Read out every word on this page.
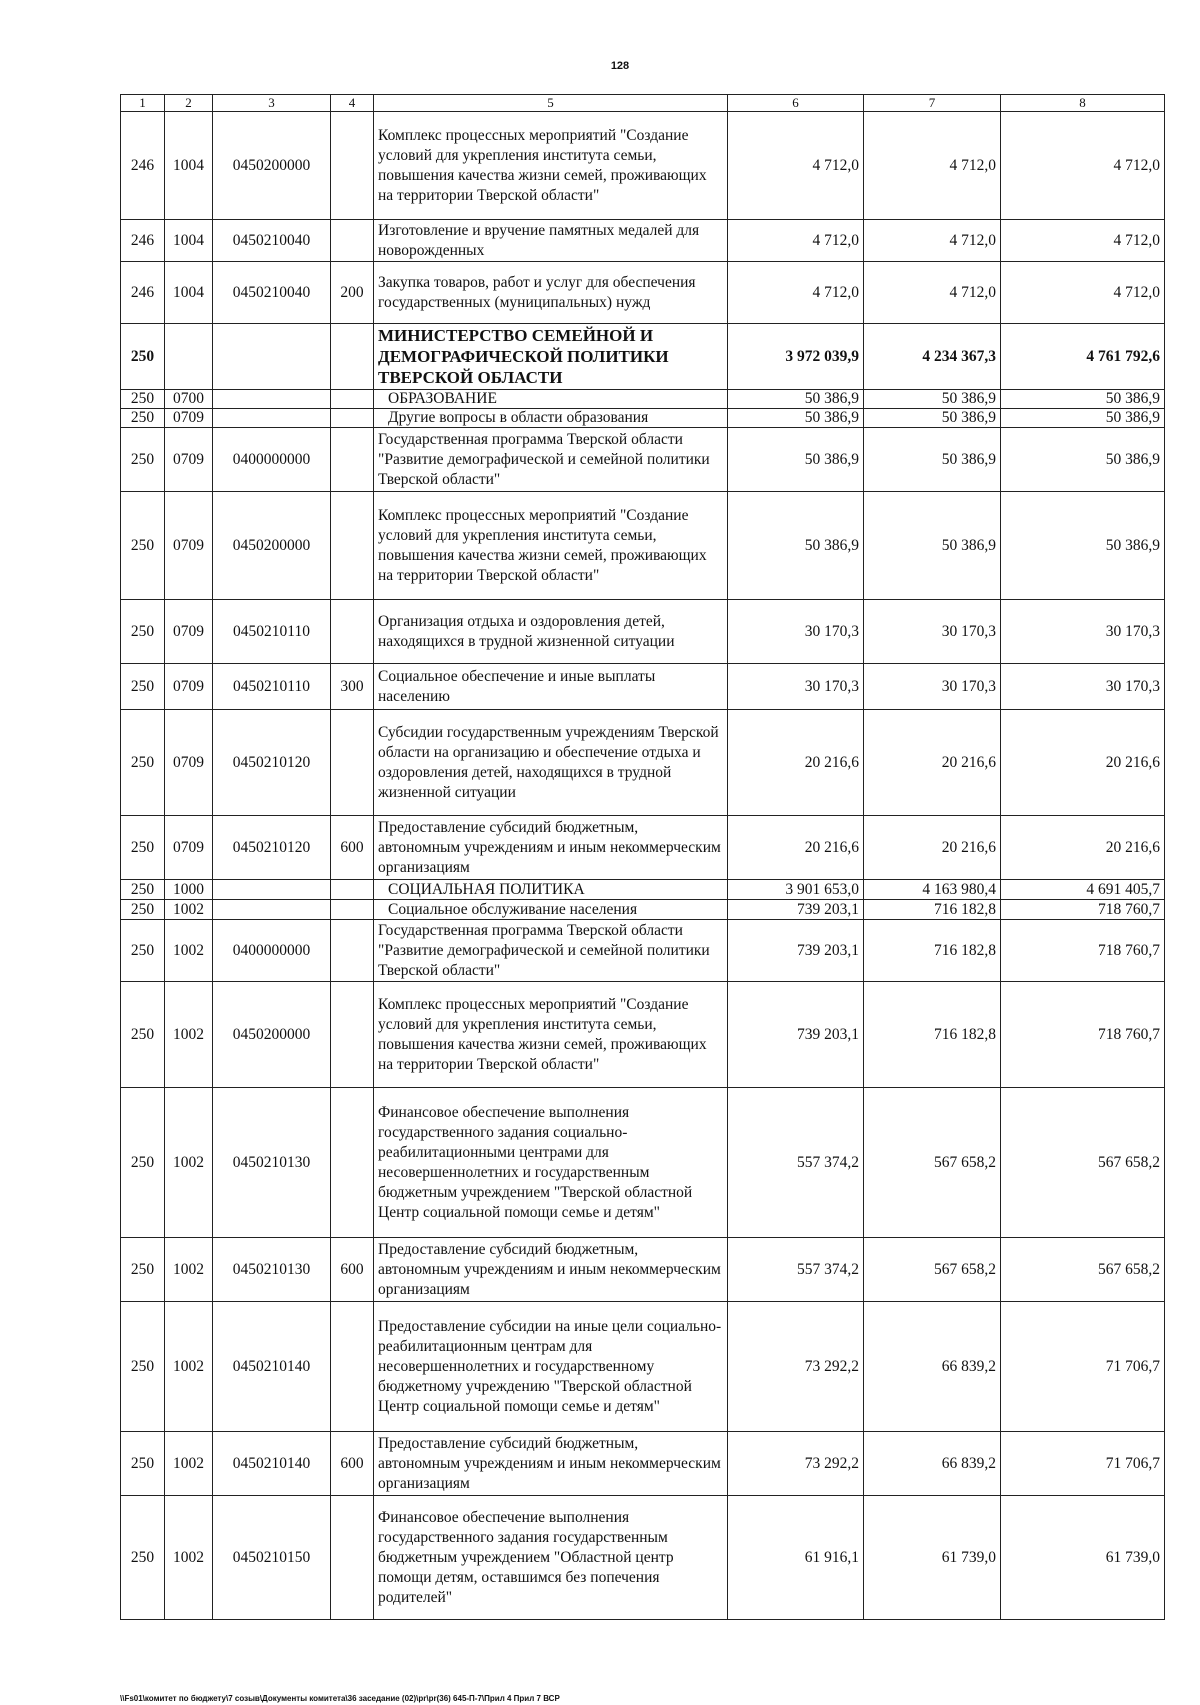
128
1	2	3	4	5	6	7	8
246	1004	0450200000		Комплекс процессных мероприятий "Создание условий для укрепления института семьи, повышения качества жизни семей, проживающих на территории Тверской области"	4 712,0	4 712,0	4 712,0
246	1004	0450210040		Изготовление и вручение памятных медалей для новорожденных	4 712,0	4 712,0	4 712,0
246	1004	0450210040	200	Закупка товаров, работ и услуг для обеспечения государственных (муниципальных) нужд	4 712,0	4 712,0	4 712,0
250				МИНИСТЕРСТВО СЕМЕЙНОЙ И ДЕМОГРАФИЧЕСКОЙ ПОЛИТИКИ ТВЕРСКОЙ ОБЛАСТИ	3 972 039,9	4 234 367,3	4 761 792,6
250	0700			ОБРАЗОВАНИЕ	50 386,9	50 386,9	50 386,9
250	0709			Другие вопросы в области образования	50 386,9	50 386,9	50 386,9
250	0709	0400000000		Государственная программа Тверской области "Развитие демографической и семейной политики Тверской области"	50 386,9	50 386,9	50 386,9
250	0709	0450200000		Комплекс процессных мероприятий "Создание условий для укрепления института семьи, повышения качества жизни семей, проживающих на территории Тверской области"	50 386,9	50 386,9	50 386,9
250	0709	0450210110		Организация отдыха и оздоровления детей, находящихся в трудной жизненной ситуации	30 170,3	30 170,3	30 170,3
250	0709	0450210110	300	Социальное обеспечение и иные выплаты населению	30 170,3	30 170,3	30 170,3
250	0709	0450210120		Субсидии государственным учреждениям Тверской области на организацию и обеспечение отдыха и оздоровления детей, находящихся в трудной жизненной ситуации	20 216,6	20 216,6	20 216,6
250	0709	0450210120	600	Предоставление субсидий бюджетным, автономным учреждениям и иным некоммерческим организациям	20 216,6	20 216,6	20 216,6
250	1000			СОЦИАЛЬНАЯ ПОЛИТИКА	3 901 653,0	4 163 980,4	4 691 405,7
250	1002			Социальное обслуживание населения	739 203,1	716 182,8	718 760,7
250	1002	0400000000		Государственная программа Тверской области "Развитие демографической и семейной политики Тверской области"	739 203,1	716 182,8	718 760,7
250	1002	0450200000		Комплекс процессных мероприятий "Создание условий для укрепления института семьи, повышения качества жизни семей, проживающих на территории Тверской области"	739 203,1	716 182,8	718 760,7
250	1002	0450210130		Финансовое обеспечение выполнения государственного задания социально-реабилитационными центрами для несовершеннолетних и государственным бюджетным учреждением "Тверской областной Центр социальной помощи семье и детям"	557 374,2	567 658,2	567 658,2
250	1002	0450210130	600	Предоставление субсидий бюджетным, автономным учреждениям и иным некоммерческим организациям	557 374,2	567 658,2	567 658,2
250	1002	0450210140		Предоставление субсидии на иные цели социально-реабилитационным центрам для несовершеннолетних и государственному бюджетному учреждению "Тверской областной Центр социальной помощи семье и детям"	73 292,2	66 839,2	71 706,7
250	1002	0450210140	600	Предоставление субсидий бюджетным, автономным учреждениям и иным некоммерческим организациям	73 292,2	66 839,2	71 706,7
250	1002	0450210150		Финансовое обеспечение выполнения государственного задания государственным бюджетным учреждением "Областной центр помощи детям, оставшимся без попечения родителей"	61 916,1	61 739,0	61 739,0
\\Fs01\комитет по бюджету\7 созыв\Документы комитета\36 заседание (02)\pr\pr(36) 645-П-7\Прил 4 Прил 7 ВСР
